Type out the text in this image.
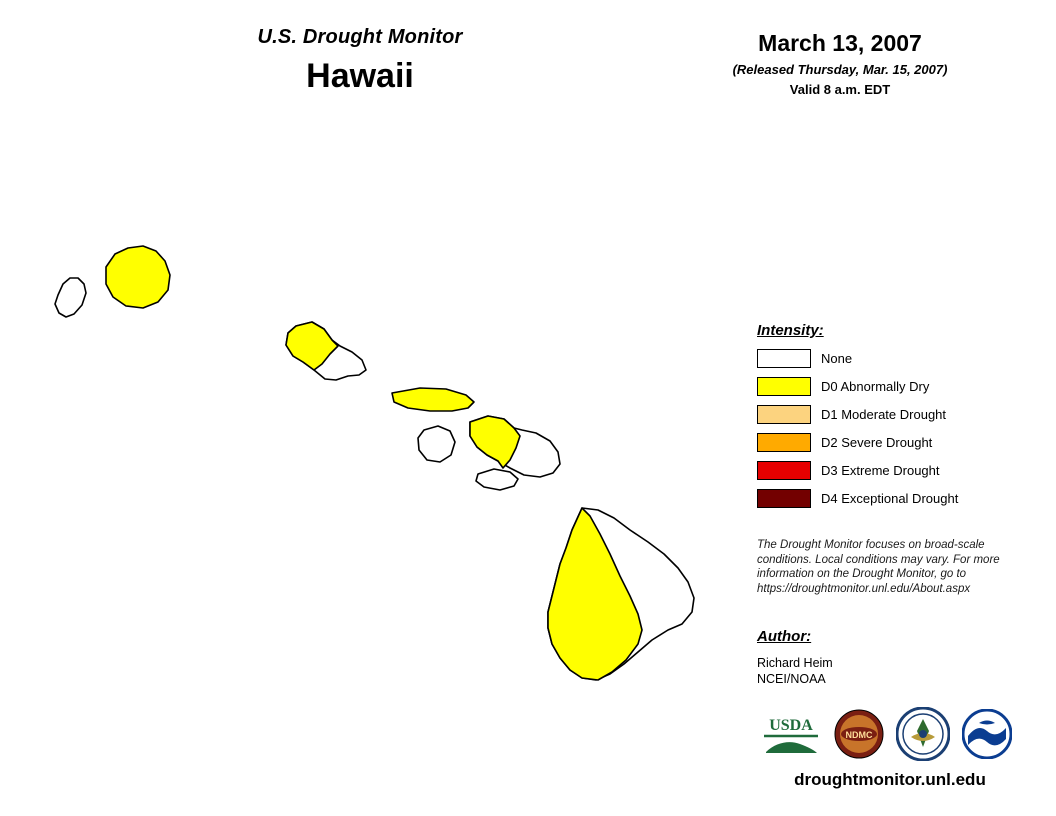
U.S. Drought Monitor
Hawaii
March 13, 2007
(Released Thursday, Mar. 15, 2007)
Valid 8 a.m. EDT
Intensity:
None
D0 Abnormally Dry
D1 Moderate Drought
D2 Severe Drought
D3 Extreme Drought
D4 Exceptional Drought
The Drought Monitor focuses on broad-scale conditions. Local conditions may vary. For more information on the Drought Monitor, go to https://droughtmonitor.unl.edu/About.aspx
Author:
Richard Heim
NCEI/NOAA
USDA
NDMC
droughtmonitor.unl.edu
